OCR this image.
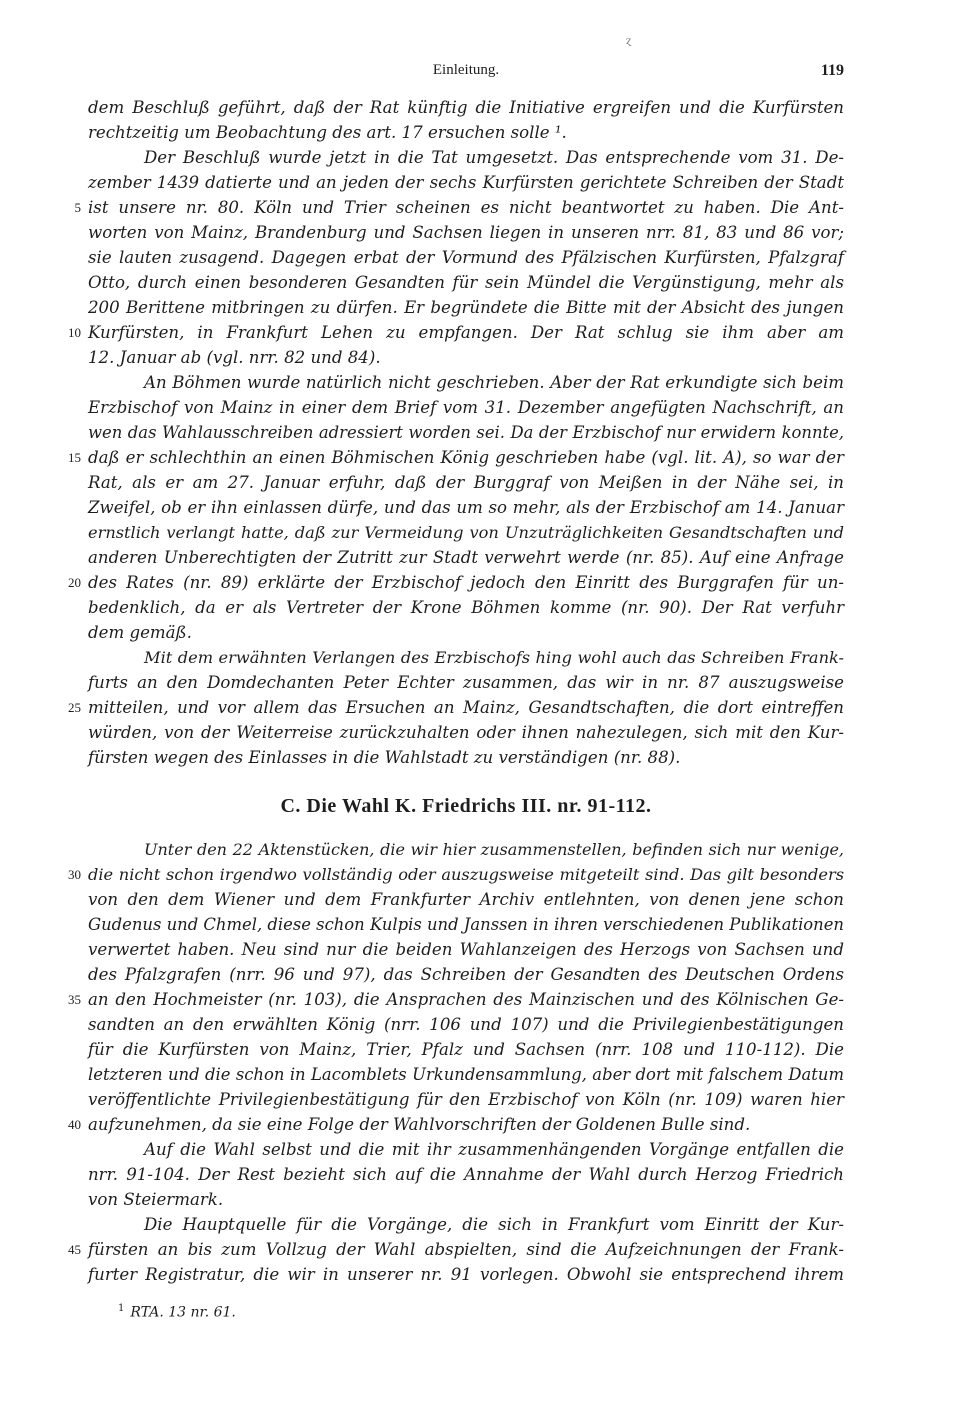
ɀ
Einleitung.	119
dem Beschluß geführt, daß der Rat künftig die Initiative ergreifen und die Kurfürsten
rechtzeitig um Beobachtung des art. 17 ersuchen solle ¹.
Der Beschluß wurde jetzt in die Tat umgesetzt. Das entsprechende vom 31. De-
zember 1439 datierte und an jeden der sechs Kurfürsten gerichtete Schreiben der Stadt
ist unsere nr. 80. Köln und Trier scheinen es nicht beantwortet zu haben. Die Ant-
worten von Mainz, Brandenburg und Sachsen liegen in unseren nrr. 81, 83 und 86 vor;
sie lauten zusagend. Dagegen erbat der Vormund des Pfälzischen Kurfürsten, Pfalzgraf
Otto, durch einen besonderen Gesandten für sein Mündel die Vergünstigung, mehr als
200 Berittene mitbringen zu dürfen. Er begründete die Bitte mit der Absicht des jungen
Kurfürsten, in Frankfurt Lehen zu empfangen. Der Rat schlug sie ihm aber am
12. Januar ab (vgl. nrr. 82 und 84).
An Böhmen wurde natürlich nicht geschrieben. Aber der Rat erkundigte sich beim
Erzbischof von Mainz in einer dem Brief vom 31. Dezember angefügten Nachschrift, an
wen das Wahlausschreiben adressiert worden sei. Da der Erzbischof nur erwidern konnte,
daß er schlechthin an einen Böhmischen König geschrieben habe (vgl. lit. A), so war der
Rat, als er am 27. Januar erfuhr, daß der Burggraf von Meißen in der Nähe sei, in
Zweifel, ob er ihn einlassen dürfe, und das um so mehr, als der Erzbischof am 14. Januar
ernstlich verlangt hatte, daß zur Vermeidung von Unzuträglichkeiten Gesandtschaften und
anderen Unberechtigten der Zutritt zur Stadt verwehrt werde (nr. 85). Auf eine Anfrage
des Rates (nr. 89) erklärte der Erzbischof jedoch den Einritt des Burggrafen für un-
bedenklich, da er als Vertreter der Krone Böhmen komme (nr. 90). Der Rat verfuhr
dem gemäß.
Mit dem erwähnten Verlangen des Erzbischofs hing wohl auch das Schreiben Frank-
furts an den Domdechanten Peter Echter zusammen, das wir in nr. 87 auszugsweise
mitteilen, und vor allem das Ersuchen an Mainz, Gesandtschaften, die dort eintreffen
würden, von der Weiterreise zurückzuhalten oder ihnen nahezulegen, sich mit den Kur-
fürsten wegen des Einlasses in die Wahlstadt zu verständigen (nr. 88).
C. Die Wahl K. Friedrichs III. nr. 91-112.
Unter den 22 Aktenstücken, die wir hier zusammenstellen, befinden sich nur wenige,
die nicht schon irgendwo vollständig oder auszugsweise mitgeteilt sind. Das gilt besonders
von den dem Wiener und dem Frankfurter Archiv entlehnten, von denen jene schon
Gudenus und Chmel, diese schon Kulpis und Janssen in ihren verschiedenen Publikationen
verwertet haben. Neu sind nur die beiden Wahlanzeigen des Herzogs von Sachsen und
des Pfalzgrafen (nrr. 96 und 97), das Schreiben der Gesandten des Deutschen Ordens
an den Hochmeister (nr. 103), die Ansprachen des Mainzischen und des Kölnischen Ge-
sandten an den erwählten König (nrr. 106 und 107) und die Privilegienbestätigungen
für die Kurfürsten von Mainz, Trier, Pfalz und Sachsen (nrr. 108 und 110-112). Die
letzteren und die schon in Lacomblets Urkundensammlung, aber dort mit falschem Datum
veröffentlichte Privilegienbestätigung für den Erzbischof von Köln (nr. 109) waren hier
aufzunehmen, da sie eine Folge der Wahlvorschriften der Goldenen Bulle sind.
Auf die Wahl selbst und die mit ihr zusammenhängenden Vorgänge entfallen die
nrr. 91-104. Der Rest bezieht sich auf die Annahme der Wahl durch Herzog Friedrich
von Steiermark.
Die Hauptquelle für die Vorgänge, die sich in Frankfurt vom Einritt der Kur-
fürsten an bis zum Vollzug der Wahl abspielten, sind die Aufzeichnungen der Frank-
furter Registratur, die wir in unserer nr. 91 vorlegen. Obwohl sie entsprechend ihrem
5
10
15
20
25
30
35
40
45
$^1$ RTA. 13 nr. 61.
